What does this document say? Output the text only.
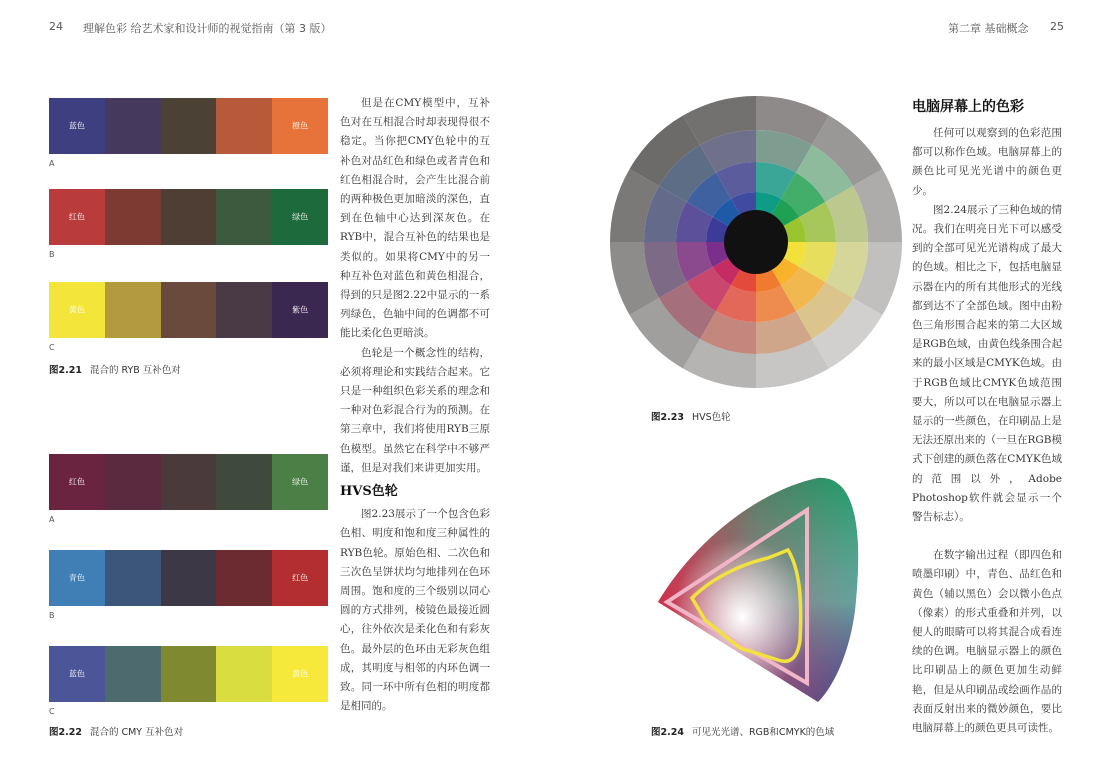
24 理解色彩 给艺术家和设计师的视觉指南（第 3 版）	第二章 基础概念 25
蓝色	橙色
A
红色	绿色
B
黄色	紫色
C
图2.21 混合的 RYB 互补色对
红色	绿色
A
青色	红色
B
蓝色	黄色
C
图2.22 混合的 CMY 互补色对

但是在CMY模型中，互补色对在互相混合时却表现得很不稳定。当你把CMY色轮中的互补色对品红色和绿色或者青色和红色相混合时，会产生比混合前的两种极色更加暗淡的深色，直到在色轴中心达到深灰色。在RYB中，混合互补色的结果也是类似的。如果将CMY中的另一种互补色对蓝色和黄色相混合，得到的只是图2.22中显示的一系列绿色，色轴中间的色调都不可能比柔化色更暗淡。

色轮是一个概念性的结构，必须将理论和实践结合起来。它只是一种组织色彩关系的理念和一种对色彩混合行为的预测。在第三章中，我们将使用RYB三原色模型。虽然它在科学中不够严谨，但是对我们来讲更加实用。

HVS色轮

图2.23展示了一个包含色彩色相、明度和饱和度三种属性的RYB色轮。原始色相、二次色和三次色呈饼状均匀地排列在色环周围。饱和度的三个级别以同心圆的方式排列，棱镜色最接近圆心，往外依次是柔化色和有彩灰色。最外层的色环由无彩灰色组成，其明度与相邻的内环色调一致。同一环中所有色相的明度都是相同的。

图2.23 HVS色轮
图2.24 可见光光谱、RGB和CMYK的色域
电脑屏幕上的色彩

任何可以观察到的色彩范围都可以称作色域。电脑屏幕上的颜色比可见光光谱中的颜色更少。

图2.24展示了三种色域的情况。我们在明亮日光下可以感受到的全部可见光光谱构成了最大的色域。相比之下，包括电脑显示器在内的所有其他形式的光线都到达不了全部色域。图中由粉色三角形围合起来的第二大区域是RGB色域，由黄色线条围合起来的最小区域是CMYK色域。由于RGB色域比CMYK色域范围要大，所以可以在电脑显示器上显示的一些颜色，在印刷品上是无法还原出来的（一旦在RGB模式下创建的颜色落在CMYK色域的范围以外，Adobe Photoshop软件就会显示一个警告标志）。

在数字输出过程（即四色和喷墨印刷）中，青色、品红色和黄色（辅以黑色）会以微小色点（像素）的形式重叠和并列，以便人的眼睛可以将其混合成看连续的色调。电脑显示器上的颜色比印刷品上的颜色更加生动鲜艳，但是从印刷品或绘画作品的表面反射出来的微妙颜色，要比电脑屏幕上的颜色更具可读性。
